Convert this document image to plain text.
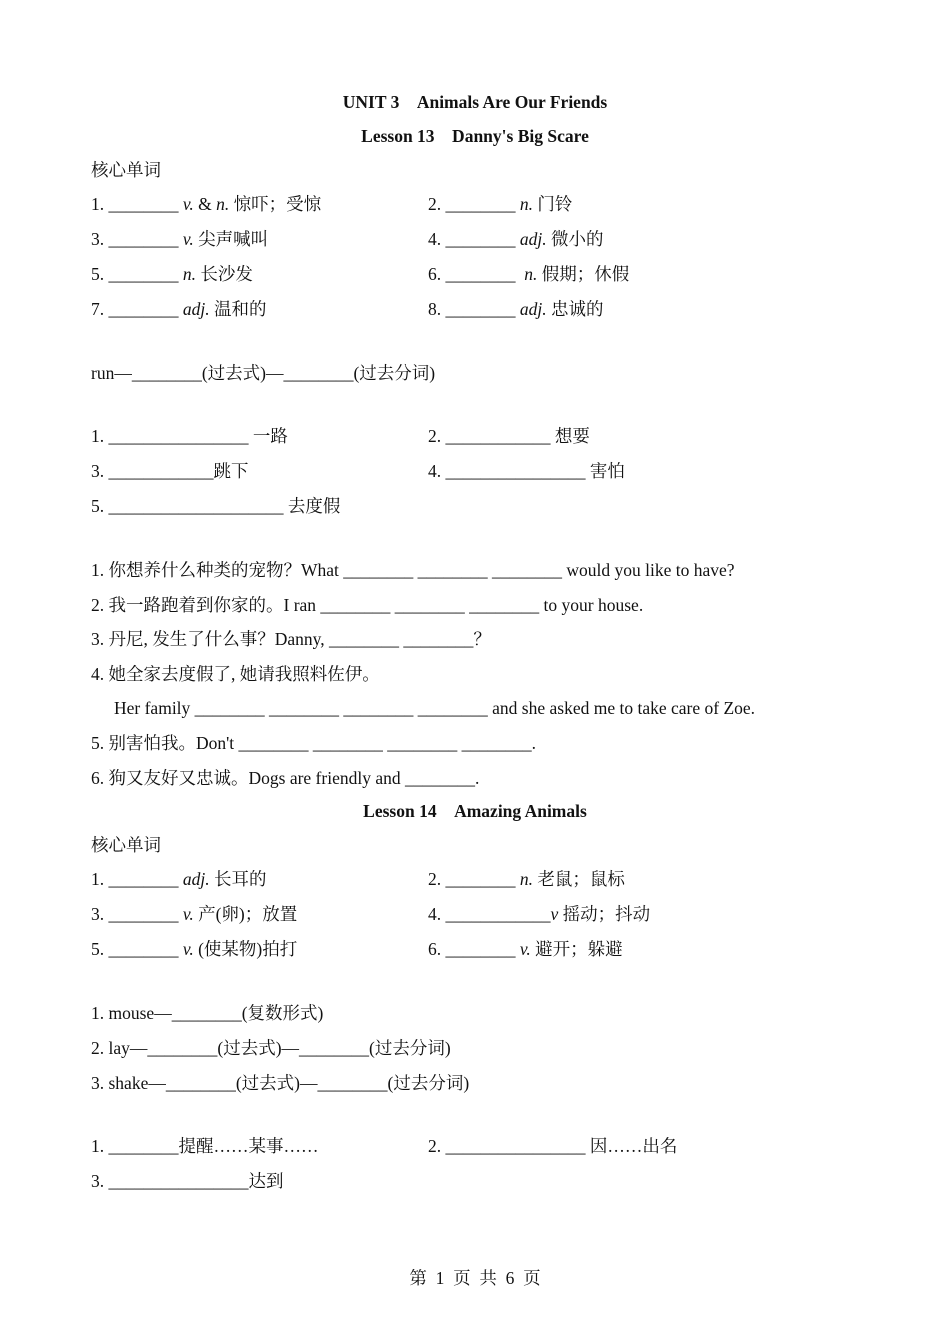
UNIT 3　Animals Are Our Friends
Lesson 13　Danny's Big Scare
核心单词
1. ________ v. & n. 惊吓；受惊	2. ________ n. 门铃
3. ________ v. 尖声喊叫	4. ________ adj. 微小的
5. ________ n. 长沙发	6. ________  n. 假期；休假
7. ________ adj. 温和的	8. ________ adj. 忠诚的
run—________(过去式)—________(过去分词)
1. ________________ 一路	2. ____________ 想要
3. ____________跳下	4. ________________ 害怕
5. ____________________ 去度假
1. 你想养什么种类的宠物？What ________ ________ ________ would you like to have?
2. 我一路跑着到你家的。I ran ________ ________ ________ to your house.
3. 丹尼, 发生了什么事？Danny, ________ ________？
4. 她全家去度假了, 她请我照料佐伊。
Her family ________ ________ ________ ________ and she asked me to take care of Zoe.
5. 别害怕我。Don't ________ ________ ________ ________.
6. 狗又友好又忠诚。Dogs are friendly and ________.
Lesson 14　Amazing Animals
核心单词
1. ________ adj. 长耳的	2. ________ n. 老鼠；鼠标
3. ________ v. 产(卵)；放置	4. ____________v 摇动；抖动
5. ________ v. (使某物)拍打	6. ________ v. 避开；躲避
1. mouse—________(复数形式)
2. lay—________(过去式)—________(过去分词)
3. shake—________(过去式)—________(过去分词)
1. ________提醒……某事……	2. ________________ 因……出名
3. ________________达到
第  1  页  共  6  页
